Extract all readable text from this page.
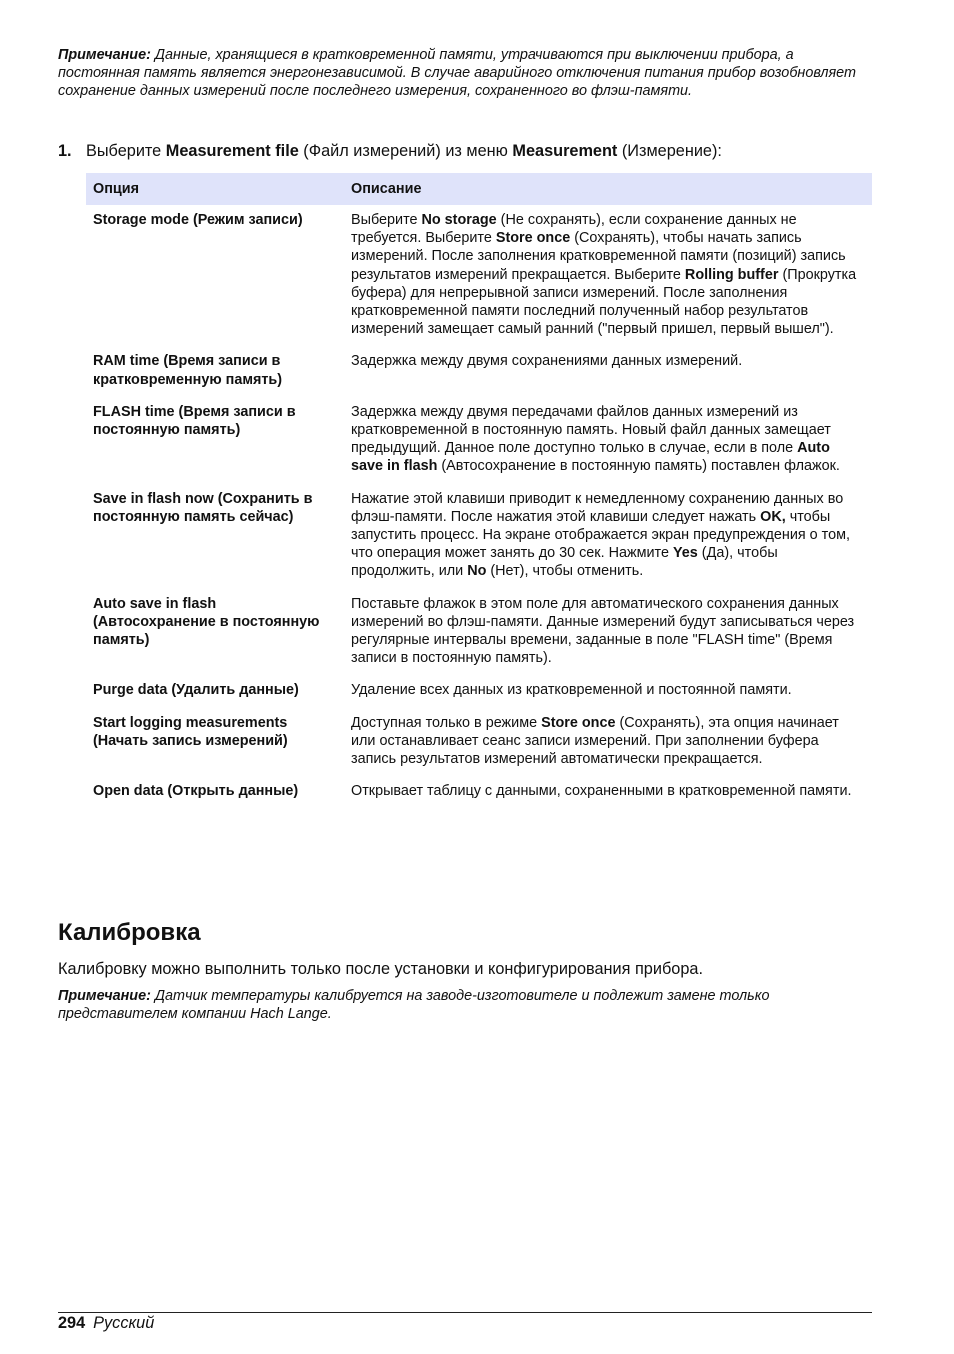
Примечание: Данные, хранящиеся в кратковременной памяти, утрачиваются при выключении прибора, а постоянная память является энергонезависимой. В случае аварийного отключения питания прибор возобновляет сохранение данных измерений после последнего измерения, сохраненного во флэш-памяти.

1. Выберите Measurement file (Файл измерений) из меню Measurement (Измерение):

Опция	Описание
Storage mode (Режим записи)	Выберите No storage (Не сохранять), если сохранение данных не требуется. Выберите Store once (Сохранять), чтобы начать запись измерений. После заполнения кратковременной памяти (позиций) запись результатов измерений прекращается. Выберите Rolling buffer (Прокрутка буфера) для непрерывной записи измерений. После заполнения кратковременной памяти последний полученный набор результатов измерений замещает самый ранний ("первый пришел, первый вышел").
RAM time (Время записи в кратковременную память)	Задержка между двумя сохранениями данных измерений.
FLASH time (Время записи в постоянную память)	Задержка между двумя передачами файлов данных измерений из кратковременной в постоянную память. Новый файл данных замещает предыдущий. Данное поле доступно только в случае, если в поле Auto save in flash (Автосохранение в постоянную память) поставлен флажок.
Save in flash now (Сохранить в постоянную память сейчас)	Нажатие этой клавиши приводит к немедленному сохранению данных во флэш-памяти. После нажатия этой клавиши следует нажать OK, чтобы запустить процесс. На экране отображается экран предупреждения о том, что операция может занять до 30 сек. Нажмите Yes (Да), чтобы продолжить, или No (Нет), чтобы отменить.
Auto save in flash (Автосохранение в постоянную память)	Поставьте флажок в этом поле для автоматического сохранения данных измерений во флэш-памяти. Данные измерений будут записываться через регулярные интервалы времени, заданные в поле "FLASH time" (Время записи в постоянную память).
Purge data (Удалить данные)	Удаление всех данных из кратковременной и постоянной памяти.
Start logging measurements (Начать запись измерений)	Доступная только в режиме Store once (Сохранять), эта опция начинает или останавливает сеанс записи измерений. При заполнении буфера запись результатов измерений автоматически прекращается.
Open data (Открыть данные)	Открывает таблицу с данными, сохраненными в кратковременной памяти.
Калибровка

Калибровку можно выполнить только после установки и конфигурирования прибора.

Примечание: Датчик температуры калибруется на заводе-изготовителе и подлежит замене только представителем компании Hach Lange.

294 Русский
